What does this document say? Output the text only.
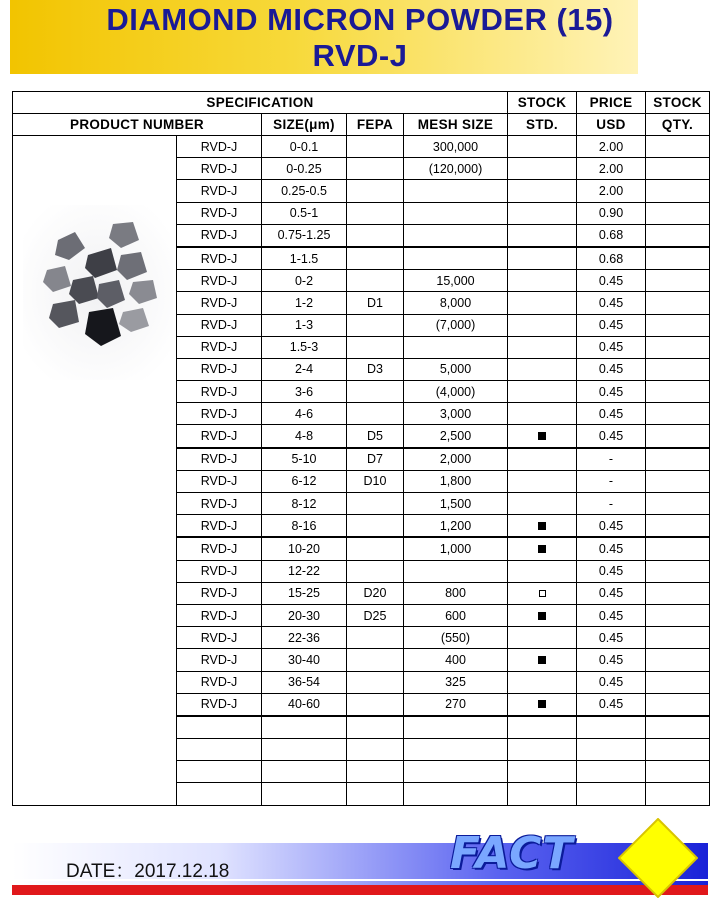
DIAMOND MICRON POWDER (15)
RVD-J
SPECIFICATION					STOCK	PRICE	STOCK
PRODUCT NUMBER		SIZE(μm)	FEPA	MESH SIZE	STD.	USD	QTY.
	RVD-J	0-0.1		300,000		2.00	
	RVD-J	0-0.25		(120,000)		2.00	
	RVD-J	0.25-0.5				2.00	
	RVD-J	0.5-1				0.90	
	RVD-J	0.75-1.25				0.68	
	RVD-J	1-1.5				0.68	
	RVD-J	0-2		15,000		0.45	
	RVD-J	1-2	D1	8,000		0.45	
	RVD-J	1-3		(7,000)		0.45	
	RVD-J	1.5-3				0.45	
	RVD-J	2-4	D3	5,000		0.45	
	RVD-J	3-6		(4,000)		0.45	
	RVD-J	4-6		3,000		0.45	
	RVD-J	4-8	D5	2,500		0.45	
	RVD-J	5-10	D7	2,000		-	
	RVD-J	6-12	D10	1,800		-	
	RVD-J	8-12		1,500		-	
	RVD-J	8-16		1,200		0.45	
	RVD-J	10-20		1,000		0.45	
	RVD-J	12-22				0.45	
	RVD-J	15-25	D20	800		0.45	
	RVD-J	20-30	D25	600		0.45	
	RVD-J	22-36		(550)		0.45	
	RVD-J	30-40		400		0.45	
	RVD-J	36-54		325		0.45	
	RVD-J	40-60		270		0.45	

DATE：2017.12.18	FACT
